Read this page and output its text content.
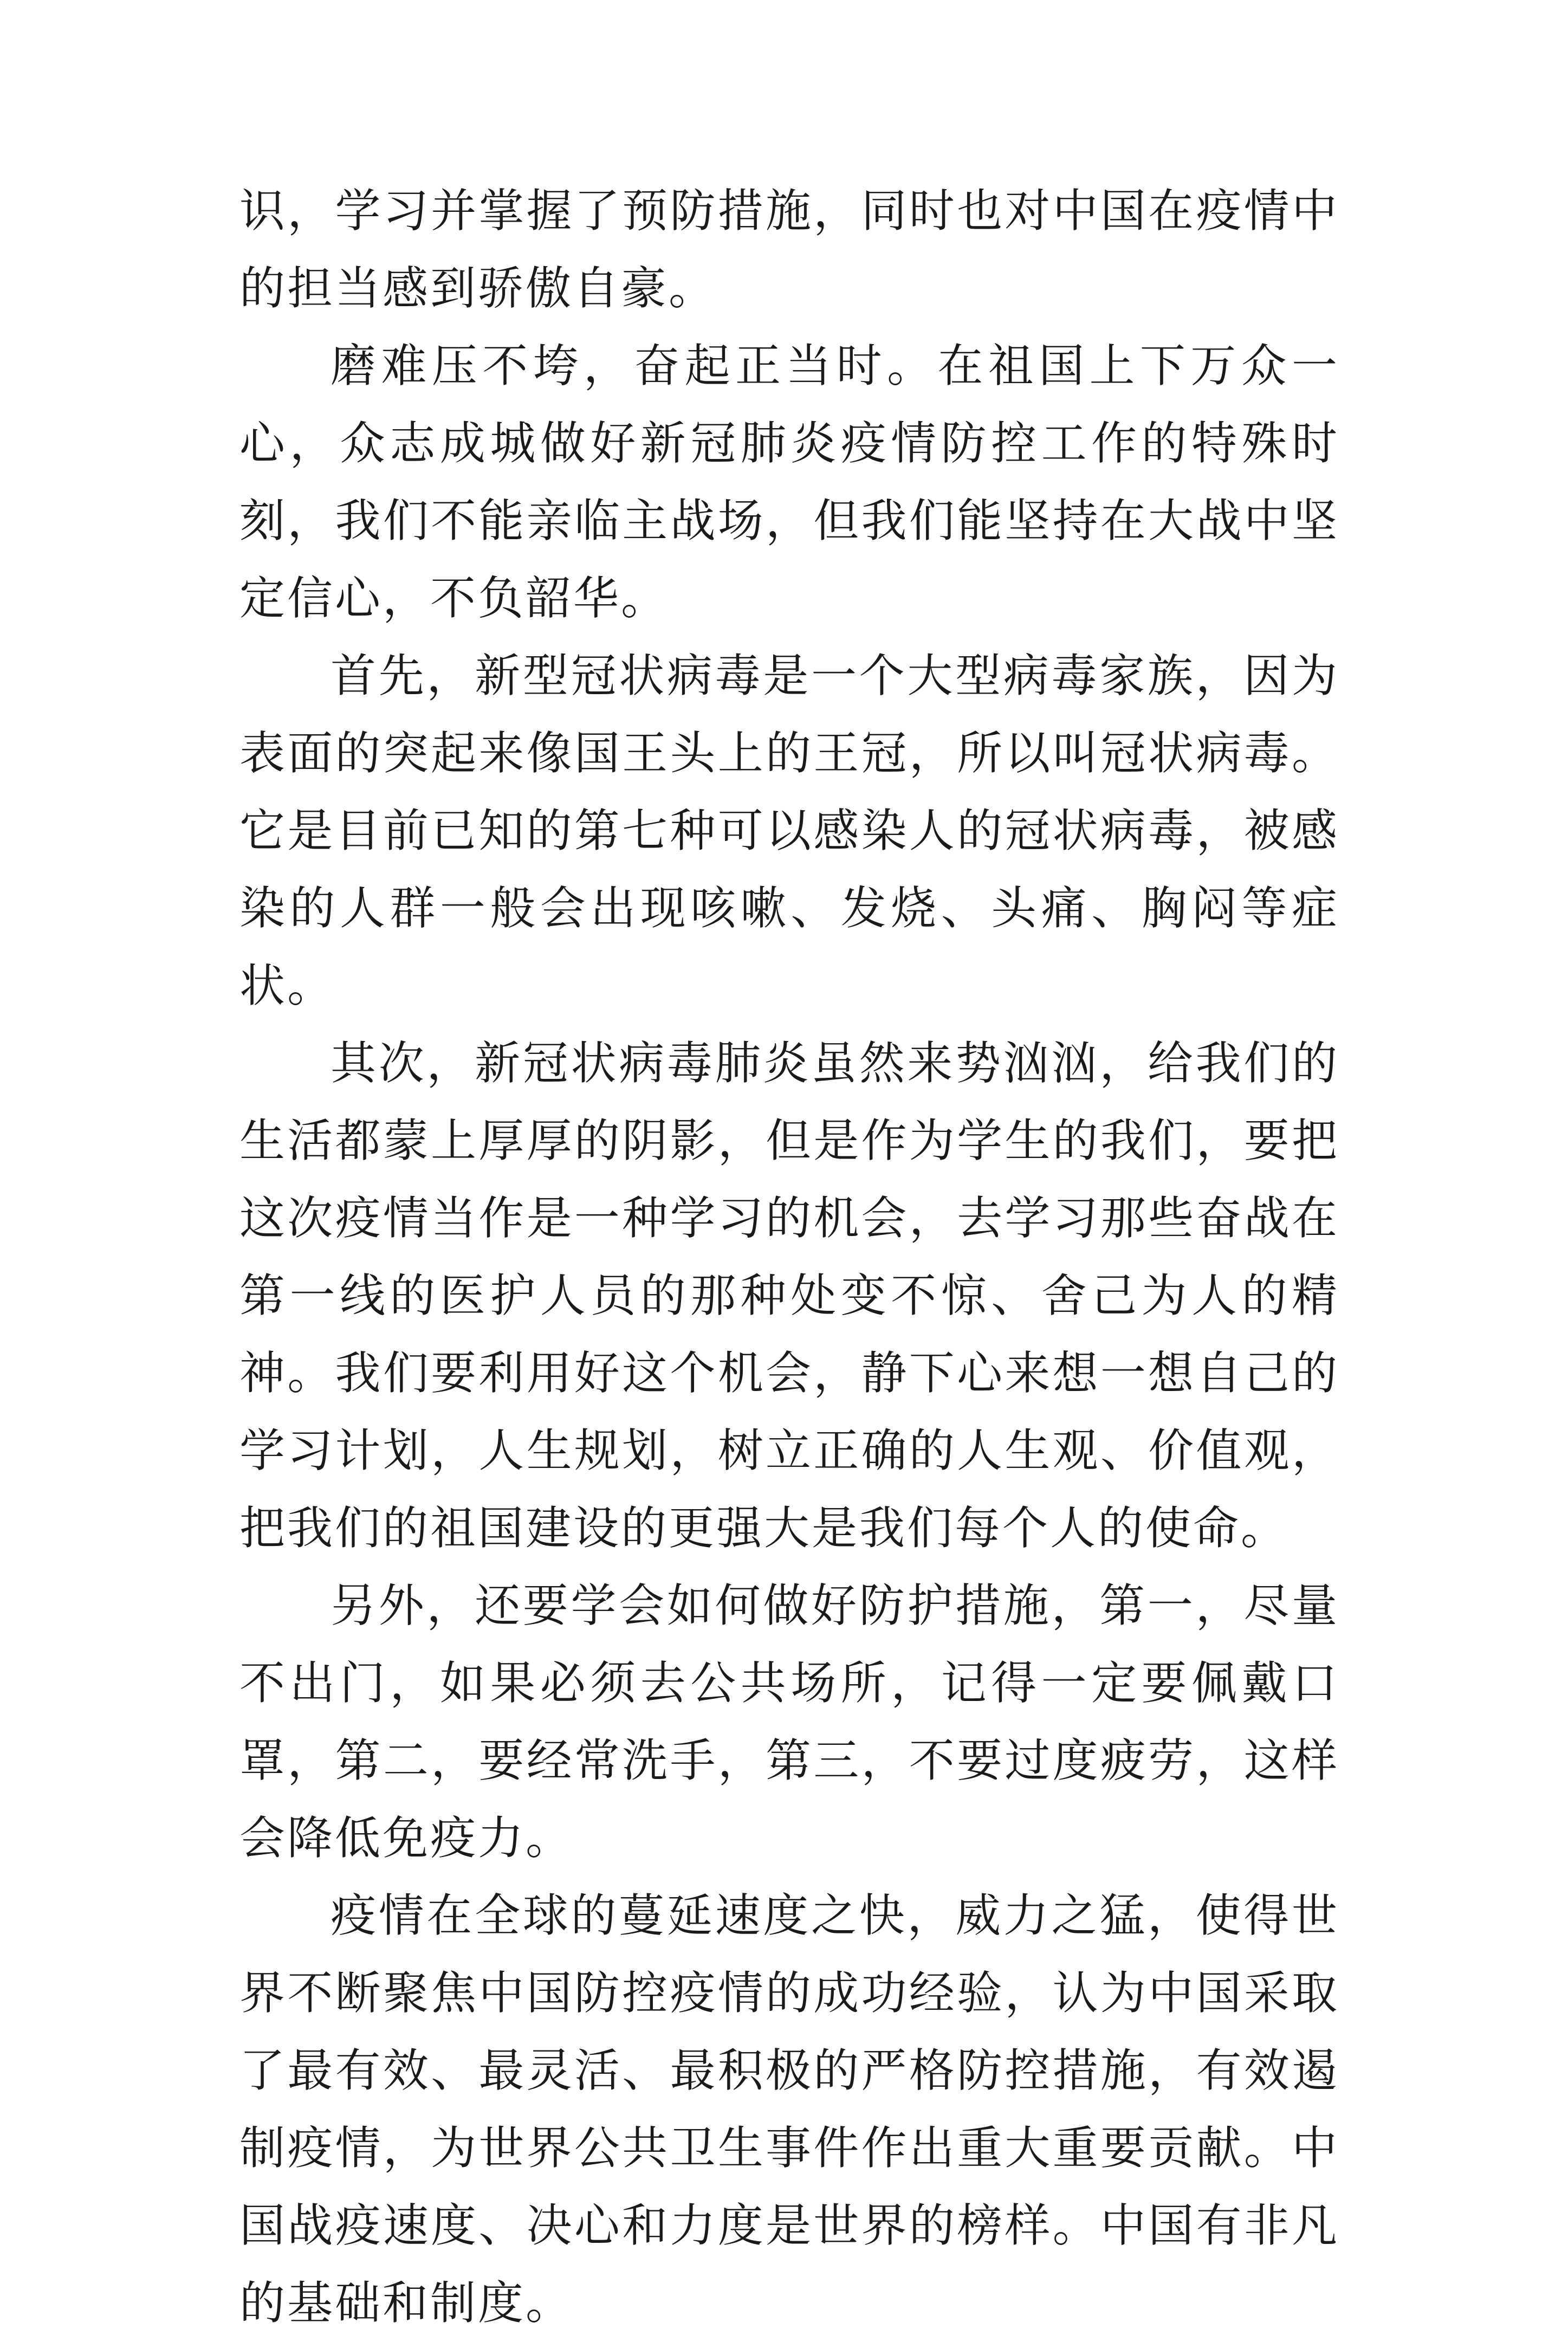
识，学习并掌握了预防措施，同时也对中国在疫情中的担当感到骄傲自豪。

磨难压不垮，奋起正当时。在祖国上下万众一心，众志成城做好新冠肺炎疫情防控工作的特殊时刻，我们不能亲临主战场，但我们能坚持在大战中坚定信心，不负韶华。

首先，新型冠状病毒是一个大型病毒家族，因为表面的突起来像国王头上的王冠，所以叫冠状病毒。它是目前已知的第七种可以感染人的冠状病毒，被感染的人群一般会出现咳嗽、发烧、头痛、胸闷等症状。

其次，新冠状病毒肺炎虽然来势汹汹，给我们的生活都蒙上厚厚的阴影，但是作为学生的我们，要把这次疫情当作是一种学习的机会，去学习那些奋战在第一线的医护人员的那种处变不惊、舍己为人的精神。我们要利用好这个机会，静下心来想一想自己的学习计划，人生规划，树立正确的人生观、价值观，把我们的祖国建设的更强大是我们每个人的使命。

另外，还要学会如何做好防护措施，第一，尽量不出门，如果必须去公共场所，记得一定要佩戴口罩，第二，要经常洗手，第三，不要过度疲劳，这样会降低免疫力。

疫情在全球的蔓延速度之快，威力之猛，使得世界不断聚焦中国防控疫情的成功经验，认为中国采取了最有效、最灵活、最积极的严格防控措施，有效遏制疫情，为世界公共卫生事件作出重大重要贡献。中国战疫速度、决心和力度是世界的榜样。中国有非凡的基础和制度。
